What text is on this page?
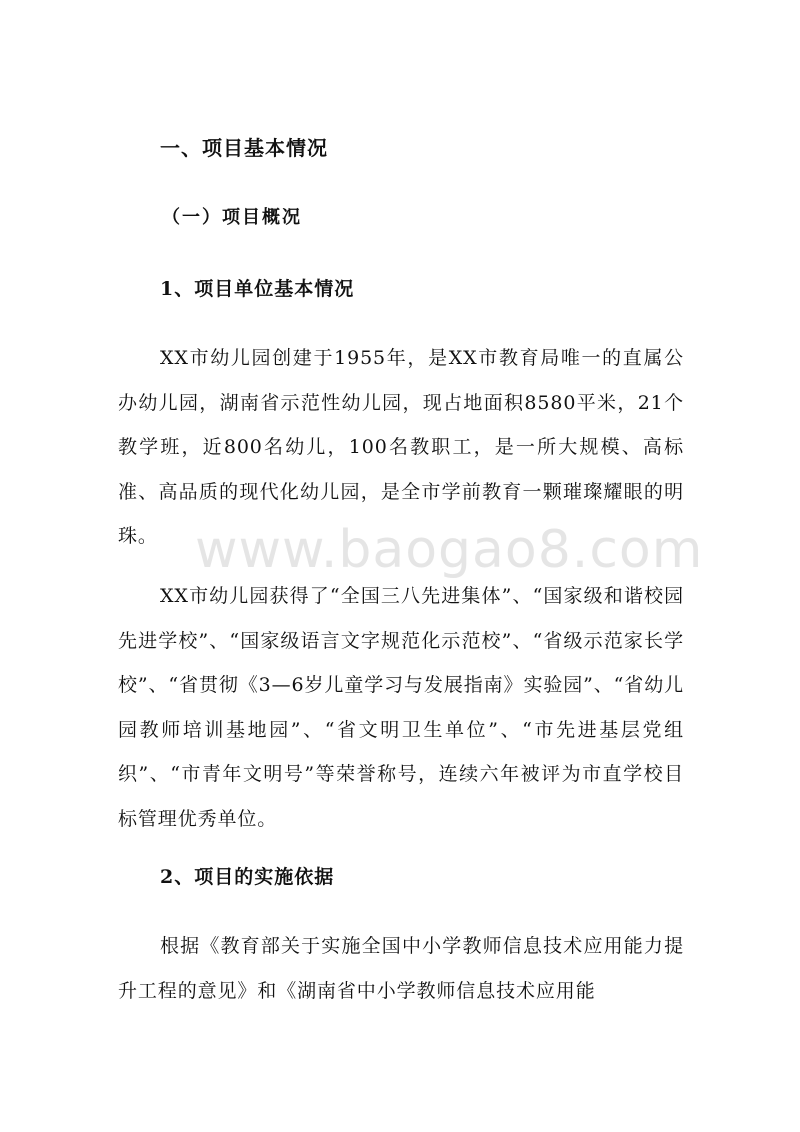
www.baogao8.com
一、项目基本情况
（一）项目概况
1、项目单位基本情况

XX市幼儿园创建于1955年，是XX市教育局唯一的直属公办幼儿园，湖南省示范性幼儿园，现占地面积8580平米，21个教学班，近800名幼儿，100名教职工，是一所大规模、高标准、高品质的现代化幼儿园，是全市学前教育一颗璀璨耀眼的明珠。

XX市幼儿园获得了“全国三八先进集体”、“国家级和谐校园先进学校”、“国家级语言文字规范化示范校”、“省级示范家长学校”、“省贯彻《3—6岁儿童学习与发展指南》实验园”、“省幼儿园教师培训基地园”、“省文明卫生单位”、“市先进基层党组织”、“市青年文明号”等荣誉称号，连续六年被评为市直学校目标管理优秀单位。

2、项目的实施依据

根据《教育部关于实施全国中小学教师信息技术应用能力提升工程的意见》和《湖南省中小学教师信息技术应用能
